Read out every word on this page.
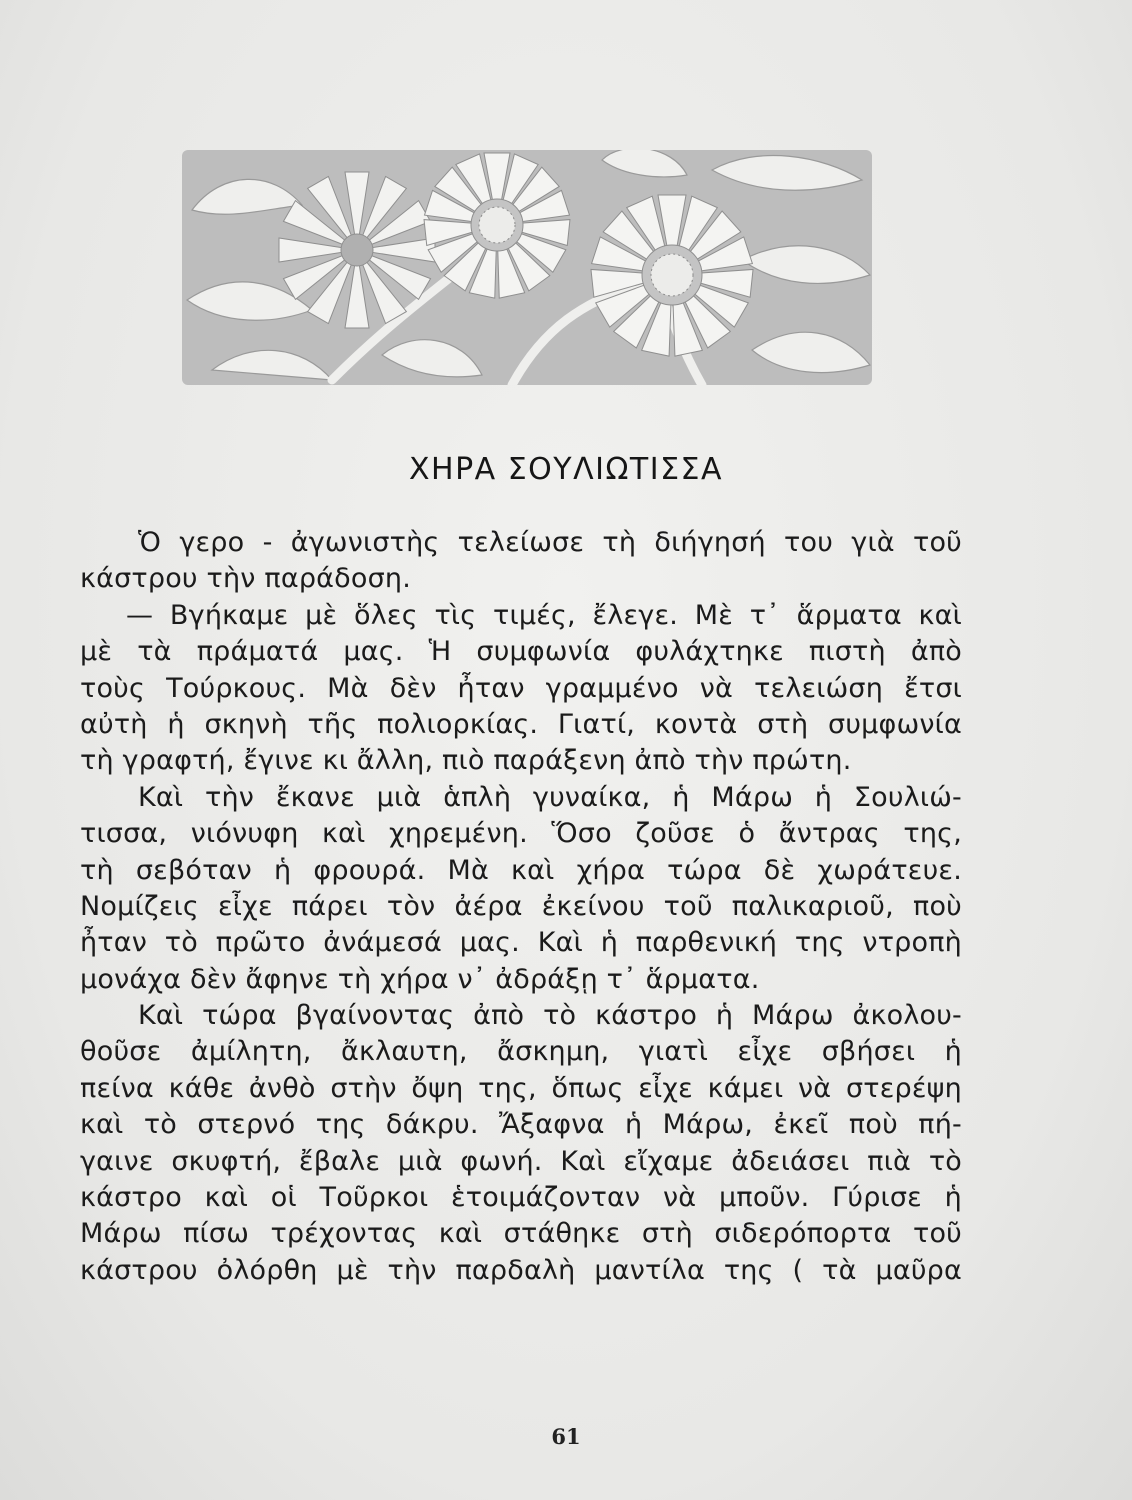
ΧΗΡΑ ΣΟΥΛΙΩΤΙΣΣΑ
Ὁ γερο - ἀγωνιστὴς τελείωσε τὴ διήγησή του γιὰ τοῦ
κάστρου τὴν παράδοση.
— Βγήκαμε μὲ ὅλες τὶς τιμές, ἔλεγε. Μὲ τ᾿ ἅρματα καὶ
μὲ τὰ πράματά μας. Ἡ συμφωνία φυλάχτηκε πιστὴ ἀπὸ
τοὺς Τούρκους. Μὰ δὲν ἦταν γραμμένο νὰ τελειώση ἔτσι
αὐτὴ ἡ σκηνὴ τῆς πολιορκίας. Γιατί, κοντὰ στὴ συμφωνία
τὴ γραφτή, ἔγινε κι ἄλλη, πιὸ παράξενη ἀπὸ τὴν πρώτη.
Καὶ τὴν ἔκανε μιὰ ἁπλὴ γυναίκα, ἡ Μάρω ἡ Σουλιώ-
τισσα, νιόνυφη καὶ χηρεμένη. Ὅσο ζοῦσε ὁ ἄντρας της,
τὴ σεβόταν ἡ φρουρά. Μὰ καὶ χήρα τώρα δὲ χωράτευε.
Νομίζεις εἶχε πάρει τὸν ἀέρα ἐκείνου τοῦ παλικαριοῦ, ποὺ
ἦταν τὸ πρῶτο ἀνάμεσά μας. Καὶ ἡ παρθενική της ντροπὴ
μονάχα δὲν ἄφηνε τὴ χήρα ν᾿ ἀδράξῃ τ᾿ ἅρματα.
Καὶ τώρα βγαίνοντας ἀπὸ τὸ κάστρο ἡ Μάρω ἀκολου-
θοῦσε ἀμίλητη, ἄκλαυτη, ἄσκημη, γιατὶ εἶχε σβήσει ἡ
πείνα κάθε ἀνθὸ στὴν ὄψη της, ὅπως εἶχε κάμει νὰ στερέψη
καὶ τὸ στερνό της δάκρυ. Ἄξαφνα ἡ Μάρω, ἐκεῖ ποὺ πή-
γαινε σκυφτή, ἔβαλε μιὰ φωνή. Καὶ εἴχαμε ἀδειάσει πιὰ τὸ
κάστρο καὶ οἱ Τοῦρκοι ἑτοιμάζονταν νὰ μποῦν. Γύρισε ἡ
Μάρω πίσω τρέχοντας καὶ στάθηκε στὴ σιδερόπορτα τοῦ
κάστρου ὀλόρθη μὲ τὴν παρδαλὴ μαντίλα της ( τὰ μαῦρα
61
